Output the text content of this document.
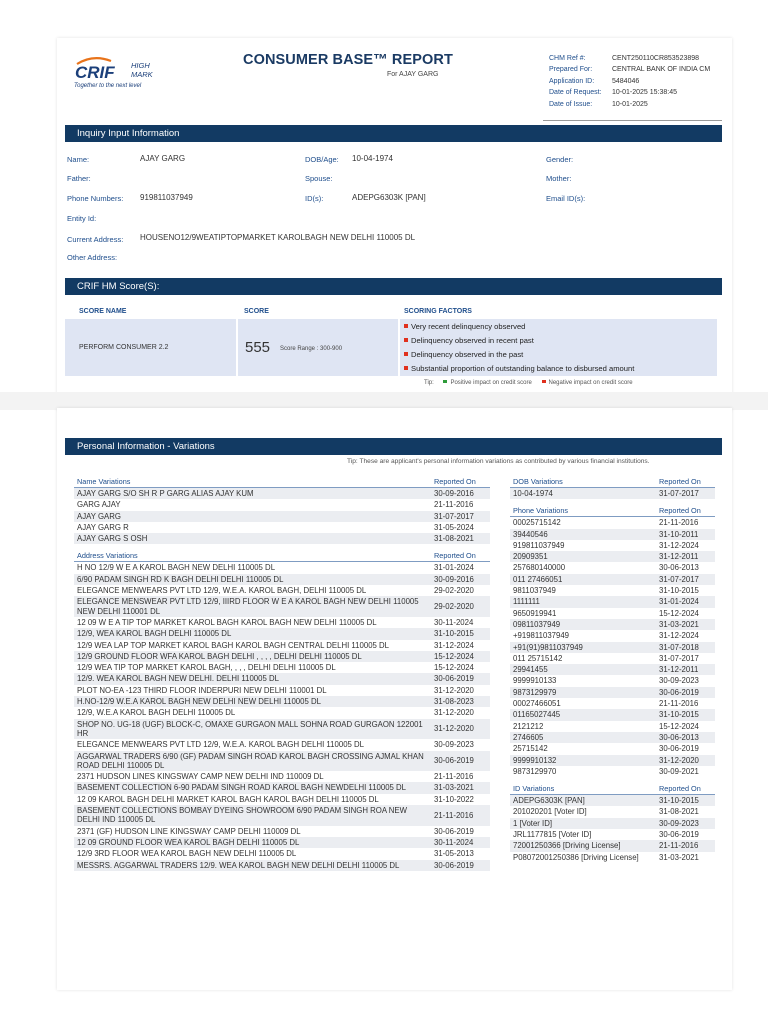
CRIF HIGH
MARK
Together to the next level
CONSUMER BASE™ REPORT
For AJAY GARG
CHM Ref #:	CENT250110CR853523898
Prepared For:	CENTRAL BANK OF INDIA CM
Application ID:	5484046
Date of Request: 10-01-2025 15:38:45
Date of Issue:	10-01-2025
Inquiry Input Information
Name:	AJAY GARG	DOB/Age: 10-04-1974	Gender:
Father:	Spouse:	Mother:
Phone Numbers: 919811037949	ID(s):	ADEPG6303K [PAN]	Email ID(s):
Entity Id:
Current Address: HOUSENO12/9WEATIPTOPMARKET KAROLBAGH NEW DELHI 110005 DL
Other Address:
CRIF HM Score(S):
SCORE NAME	SCORE	SCORING FACTORS
PERFORM CONSUMER 2.2	555 Score Range : 300-900
Very recent delinquency observed
Delinquency observed in recent past
Delinquency observed in the past
Substantial proportion of outstanding balance to disbursed amount
Tip:	Positive impact on credit score	Negative impact on credit score
Personal Information - Variations
Tip: These are applicant's personal information variations as contributed by various financial institutions.
Name Variations	Reported On
AJAY GARG S/O SH R P GARG ALIAS AJAY KUM	30-09-2016
GARG AJAY	21-11-2016
AJAY GARG	31-07-2017
AJAY GARG R	31-05-2024
AJAY GARG S OSH	31-08-2021

Address Variations	Reported On
H NO 12/9 W E A KAROL BAGH NEW DELHI 110005 DL	31-01-2024
6/90 PADAM SINGH RD K BAGH DELHI DELHI 110005 DL	30-09-2016
ELEGANCE MENWEARS PVT LTD 12/9, W.E.A. KAROL BAGH, DELHI 110005 DL	29-02-2020
ELEGANCE MENSWEAR PVT LTD 12/9, IIIRD FLOOR W E A KAROL BAGH NEW DELHI 110005 NEW DELHI 110001 DL	29-02-2020
12 09 W E A TIP TOP MARKET KAROL BAGH KAROL BAGH NEW DELHI 110005 DL	30-11-2024
12/9, WEA KAROL BAGH DELHI 110005 DL	31-10-2015
12/9 WEA LAP TOP MARKET KAROL BAGH KAROL BAGH CENTRAL DELHI 110005 DL	31-12-2024
12/9 GROUND FLOOR WFA KAROL BAGH DELHI , , , , DELHI DELHI 110005 DL	15-12-2024
12/9 WEA TIP TOP MARKET KAROL BAGH, , , , DELHI DELHI 110005 DL	15-12-2024
12/9. WEA KAROL BAGH NEW DELHI. DELHI 110005 DL	30-06-2019
PLOT NO-EA -123 THIRD FLOOR INDERPURI NEW DELHI 110001 DL	31-12-2020
H.NO-12/9 W.E.A KAROL BAGH NEW DELHI NEW DELHI 110005 DL	31-08-2023
12/9, W.E.A KAROL BAGH DELHI 110005 DL	31-12-2020
SHOP NO. UG-18 (UGF) BLOCK-C, OMAXE GURGAON MALL SOHNA ROAD GURGAON 122001 HR	31-12-2020
ELEGANCE MENWEARS PVT LTD 12/9, W.E.A. KAROL BAGH DELHI 110005 DL	30-09-2023
AGGARWAL TRADERS 6/90 (GF) PADAM SINGH ROAD KAROL BAGH CROSSING AJMAL KHAN ROAD DELHI 110005 DL	30-06-2019
2371 HUDSON LINES KINGSWAY CAMP NEW DELHI IND 110009 DL	21-11-2016
BASEMENT COLLECTION 6-90 PADAM SINGH ROAD KAROL BAGH NEWDELHI 110005 DL	31-03-2021
12 09 KAROL BAGH DELHI MARKET KAROL BAGH KAROL BAGH DELHI 110005 DL	31-10-2022
BASEMENT COLLECTIONS BOMBAY DYEING SHOWROOM 6/90 PADAM SINGH ROA NEW DELHI IND 110005 DL	21-11-2016
2371 (GF) HUDSON LINE KINGSWAY CAMP DELHI 110009 DL	30-06-2019
12 09 GROUND FLOOR WEA KAROL BAGH DELHI 110005 DL	30-11-2024
12/9 3RD FLOOR WEA KAROL BAGH NEW DELHI 110005 DL	31-05-2013
MESSRS. AGGARWAL TRADERS 12/9. WEA KAROL BAGH NEW DELHI DELHI 110005 DL	30-06-2019
DOB Variations	Reported On
10-04-1974	31-07-2017

Phone Variations	Reported On
00025715142	21-11-2016
39440546	31-10-2011
919811037949	31-12-2024
20909351	31-12-2011
257680140000	30-06-2013
011 27466051	31-07-2017
9811037949	31-10-2015
1111111	31-01-2024
9650919941	15-12-2024
09811037949	31-03-2021
+919811037949	31-12-2024
+91(91)9811037949	31-07-2018
011 25715142	31-07-2017
29941455	31-12-2011
9999910133	30-09-2023
9873129979	30-06-2019
00027466051	21-11-2016
01165027445	31-10-2015
2121212	15-12-2024
2746605	30-06-2013
25715142	30-06-2019
9999910132	31-12-2020
9873129970	30-09-2021

ID Variations	Reported On
ADEPG6303K [PAN]	31-10-2015
201020201 [Voter ID]	31-08-2021
1 [Voter ID]	30-09-2023
JRL1177815 [Voter ID]	30-06-2019
72001250366 [Driving License]	21-11-2016
P08072001250386 [Driving License]	31-03-2021
